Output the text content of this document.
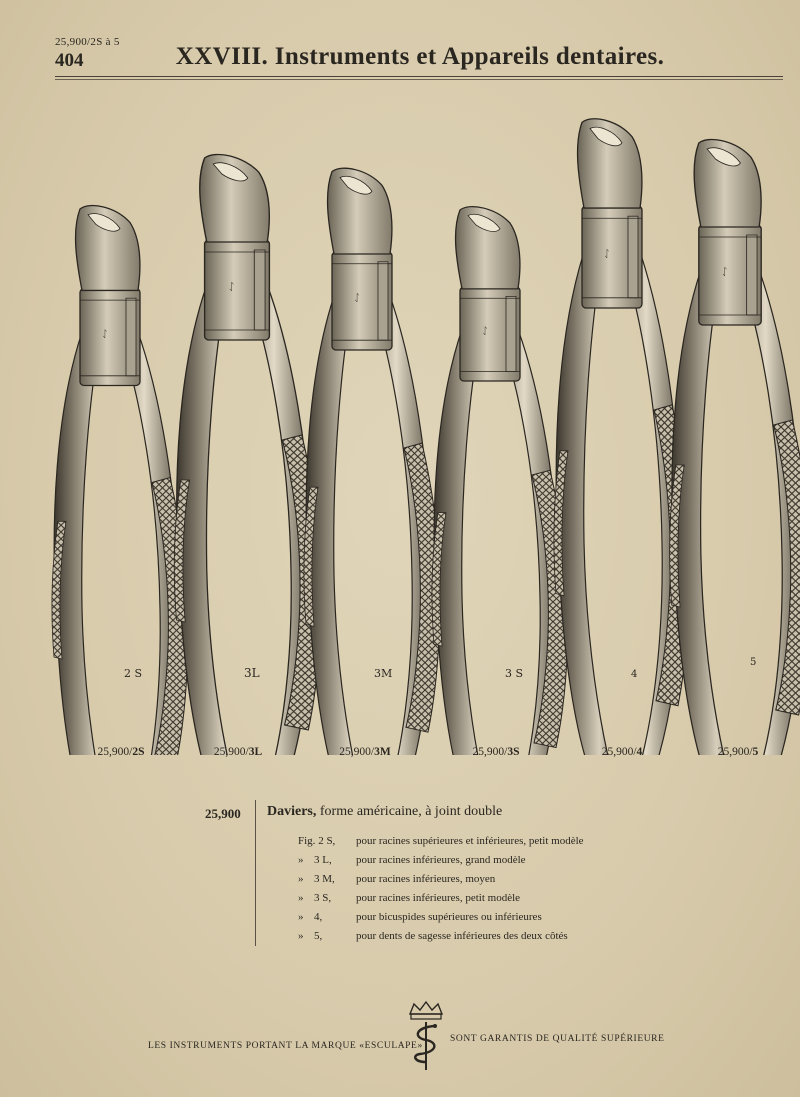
25,900/2S à 5
404	XXVIII. Instruments et Appareils dentaires.
2 S	3L	3M	3 S	4
5
25,900/2S	25,900/3L	25,900/3M	25,900/3S	25,900/4	25,900/5
25,900 Daviers, forme américaine, à joint double
Fig. 2 S,	pour racines supérieures et inférieures, petit modèle
» 3 L,	pour racines inférieures, grand modèle
» 3 M,	pour racines inférieures, moyen
» 3 S,	pour racines inférieures, petit modèle
» 4,	pour bicuspides supérieures ou inférieures
» 5,	pour dents de sagesse inférieures des deux côtés
LES INSTRUMENTS PORTANT LA MARQUE «ESCULAPE»
SONT GARANTIS DE QUALITÉ SUPÉRIEURE
